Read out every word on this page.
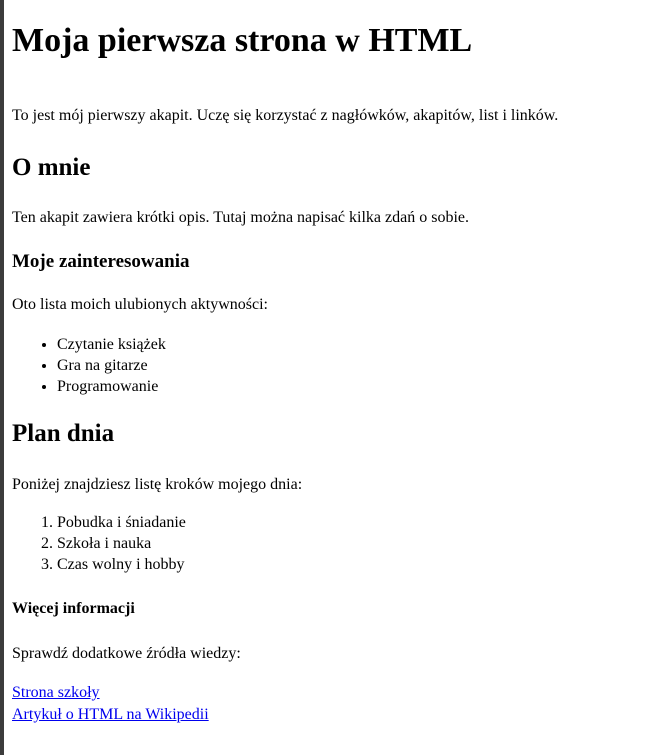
Moja pierwsza strona w HTML

To jest mój pierwszy akapit. Uczę się korzystać z nagłówków, akapitów, list i linków.

O mnie

Ten akapit zawiera krótki opis. Tutaj można napisać kilka zdań o sobie.

Moje zainteresowania

Oto lista moich ulubionych aktywności:

• Czytanie książek
• Gra na gitarze
• Programowanie
Plan dnia

Poniżej znajdziesz listę kroków mojego dnia:

1. Pobudka i śniadanie
2. Szkoła i nauka
3. Czas wolny i hobby
Więcej informacji

Sprawdź dodatkowe źródła wiedzy:

Strona szkoły
Artykuł o HTML na Wikipedii
